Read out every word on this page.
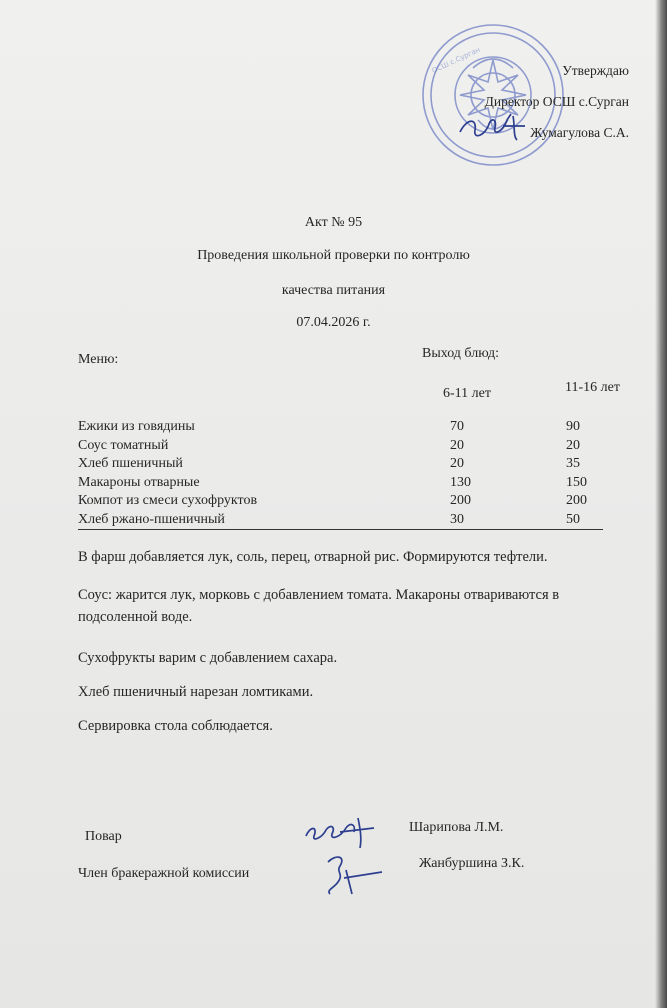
ОСШ с.Сурган	Утверждаю
Директор ОСШ с.Сурган
Жумагулова С.А.
Акт № 95
Проведения школьной проверки по контролю
качества питания
07.04.2026 г.
Меню:	Выход блюд:
6-11 лет	11-16 лет
Ежики из говядины	70	90
Соус томатный	20	20
Хлеб пшеничный	20	35
Макароны отварные	130	150
Компот из смеси сухофруктов	200	200
Хлеб ржано-пшеничный	30	50
В фарш добавляется лук, соль, перец, отварной рис. Формируются тефтели.
Соус: жарится лук, морковь с добавлением томата. Макароны отвариваются в подсоленной воде.
Сухофрукты варим с добавлением сахара.
Хлеб пшеничный нарезан ломтиками.
Сервировка стола соблюдается.
Повар
Шарипова Л.М.
Член бракеражной комиссии
Жанбуршина З.К.
